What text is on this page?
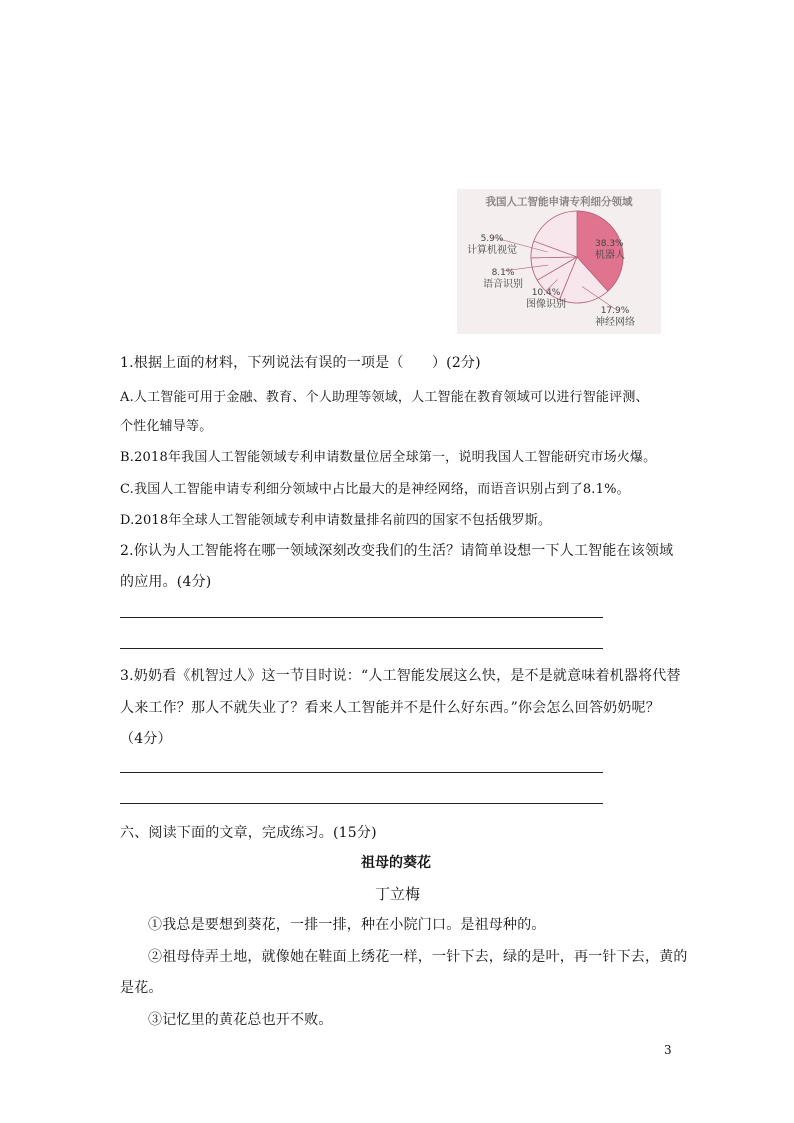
我国人工智能申请专利细分领域
38.3%
机器人
17.9%
神经网络
10.4%
图像识别
8.1%
语音识别
5.9%
计算机视觉
1.根据上面的材料，下列说法有误的一项是（　　）(2分)
A.人工智能可用于金融、教育、个人助理等领域，人工智能在教育领域可以进行智能评测、
个性化辅导等。
B.2018年我国人工智能领域专利申请数量位居全球第一，说明我国人工智能研究市场火爆。
C.我国人工智能申请专利细分领域中占比最大的是神经网络，而语音识别占到了8.1%。
D.2018年全球人工智能领域专利申请数量排名前四的国家不包括俄罗斯。
2.你认为人工智能将在哪一领域深刻改变我们的生活？请简单设想一下人工智能在该领域
的应用。(4分)
3.奶奶看《机智过人》这一节目时说：“人工智能发展这么快，是不是就意味着机器将代替
人来工作？那人不就失业了？看来人工智能并不是什么好东西。”你会怎么回答奶奶呢？
（4分）
六、阅读下面的文章，完成练习。(15分)
祖母的葵花
丁立梅
①我总是要想到葵花，一排一排，种在小院门口。是祖母种的。
②祖母侍弄土地，就像她在鞋面上绣花一样，一针下去，绿的是叶，再一针下去，黄的
是花。
③记忆里的黄花总也开不败。
3
